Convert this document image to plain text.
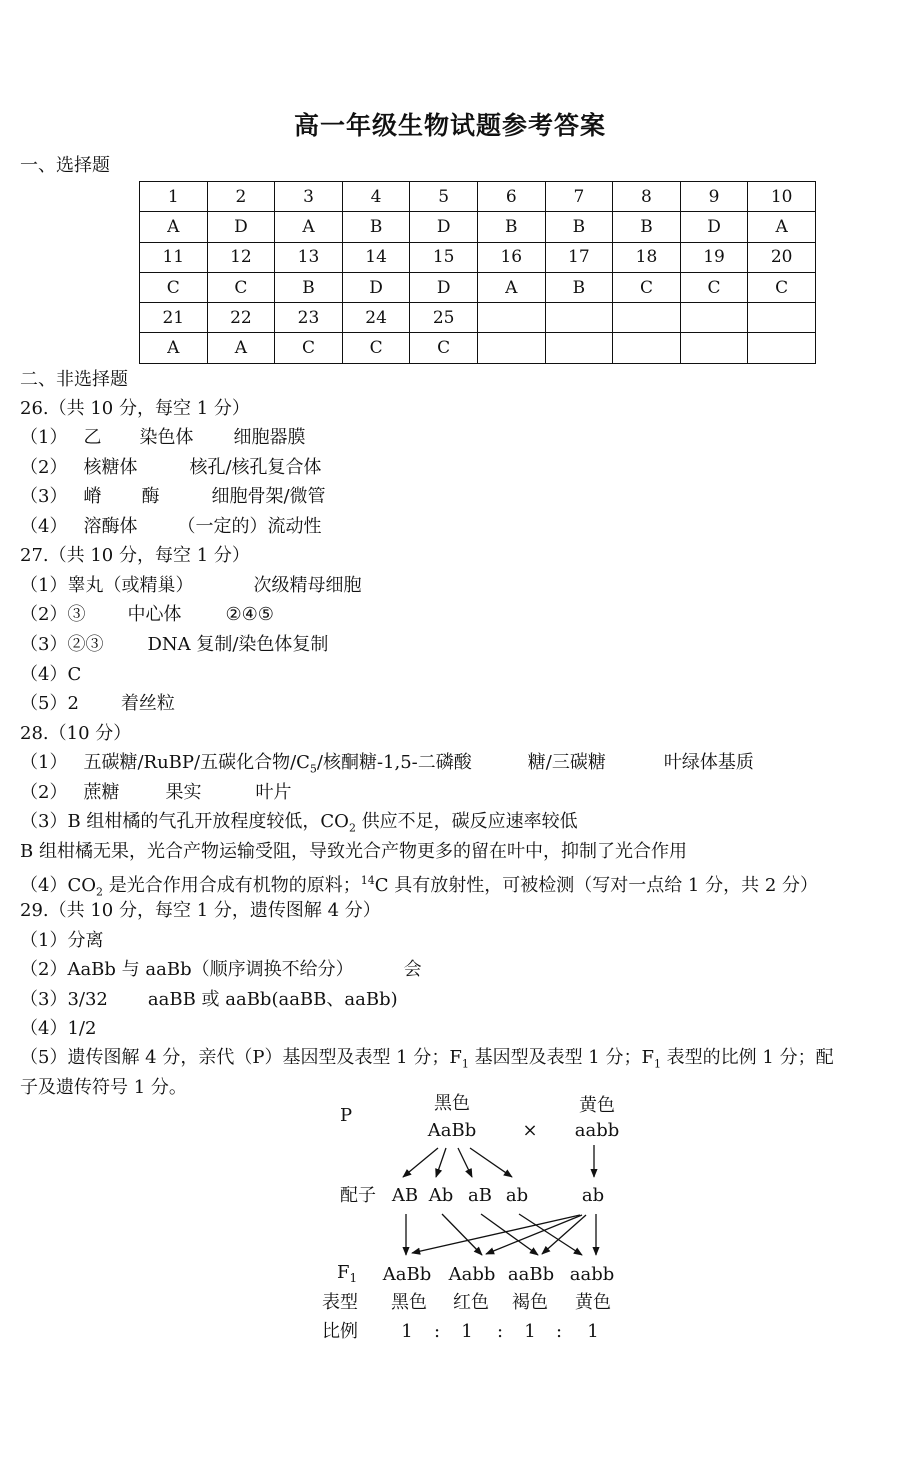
高一年级生物试题参考答案
一、选择题
1	2	3	4	5	6	7	8	9	10
A	D	A	B	D	B	B	B	D	A
11	12	13	14	15	16	17	18	19	20
C	C	B	D	D	A	B	C	C	C
21	22	23	24	25					
A	A	C	C	C					
二、非选择题
26.（共 10 分，每空 1 分）
（1） 乙 染色体 细胞器膜
（2） 核糖体	核孔/核孔复合体
（3） 嵴 酶	细胞骨架/微管
（4） 溶酶体 （一定的）流动性
27.（共 10 分，每空 1 分）
（1）睾丸（或精巢）	次级精母细胞
（2）③ 中心体 ②④⑤
（3）②③ DNA 复制/染色体复制
（4）C
（5）2 着丝粒
28.（10 分）
（1） 五碳糖/RuBP/五碳化合物$/C_5/$核酮糖-1,5-二磷酸	糖/三碳糖	叶绿体基质
（2） 蔗糖	果实	叶片
（3）B 组柑橘的气孔开放程度较低，$CO_2$ 供应不足，碳反应速率较低
B 组柑橘无果，光合产物运输受阻，导致光合产物更多的留在叶中，抑制了光合作用
$(4)CO_2$ 是光合作用合成有机物的原料；$^{14}$C 具有放射性，可被检测（写对一点给 1 分，共 2 分）
29.（共 10 分，每空 1 分，遗传图解 4 分）
（1）分离
（2）AaBb 与 aaBb（顺序调换不给分）	会
（3）3/32 aaBB 或 aaBb(aaBB、aaBb)
（4）1/2
（5）遗传图解 4 分，亲代（P）基因型及表型 1 分；$F_1$ 基因型及表型 1 分；$F_1$ 表型的比例 1 分；配
子及遗传符号 1 分。
P
黑色
AaBb	×
黄色
aabb
配子 AB Ab aB ab	ab
$F_1$ AaBb Aabb aaBb aabb
表型 黑色 红色 褐色 黄色
比例 1 : 1 : 1 : 1
